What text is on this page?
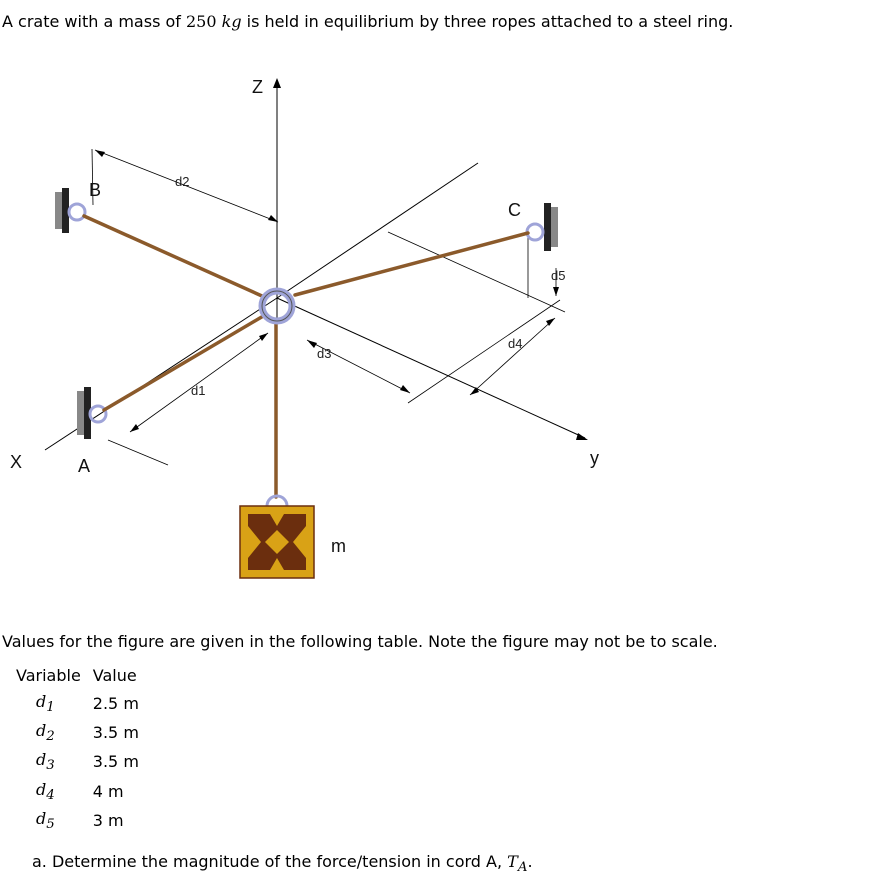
A crate with a mass of 250 kg is held in equilibrium by three ropes attached to a steel ring.
Z
X	y
B
A
C
m
d2
d1
d3
d4
d5
Values for the figure are given in the following table. Note the figure may not be to scale.
Variable	Value
$d_1$	2.5 m
$d_2$	3.5 m
$d_3$	3.5 m
$d_4$	4 m
$d_5$	3 m
a. Determine the magnitude of the force/tension in cord A, $T_A$.
